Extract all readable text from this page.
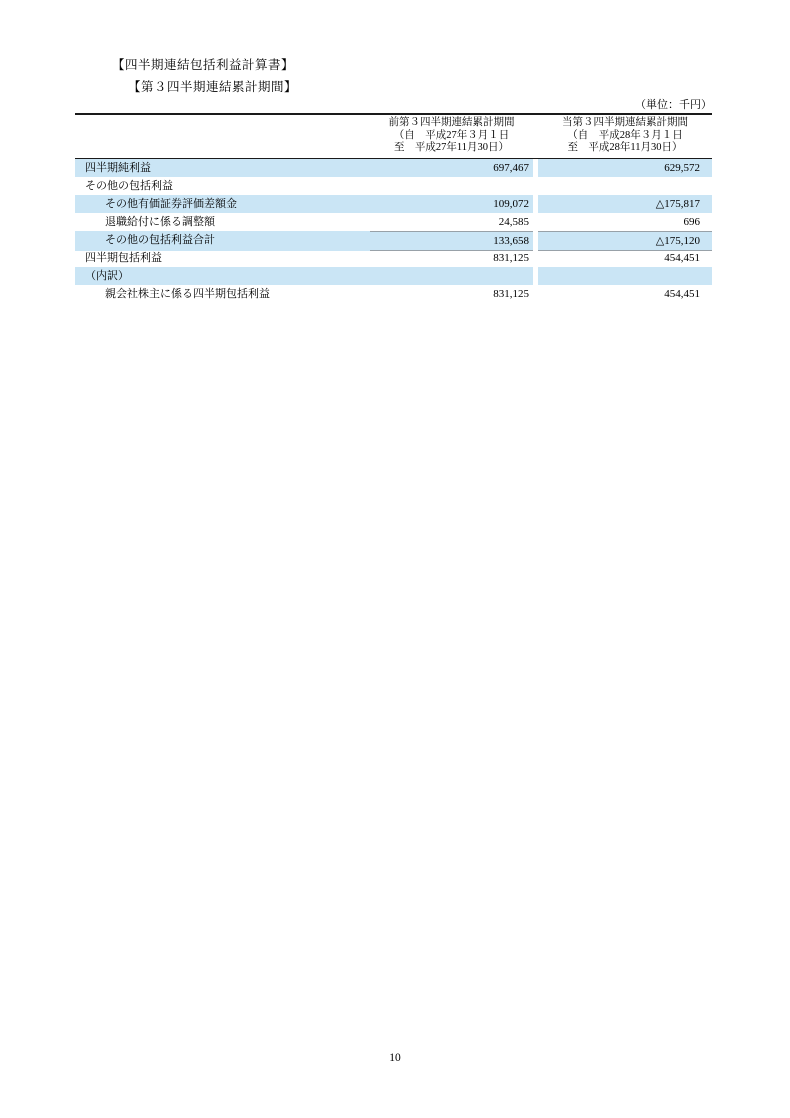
【四半期連結包括利益計算書】
【第３四半期連結累計期間】
（単位：千円）
前第３四半期連結累計期間
（自　平成27年３月１日
至　平成27年11月30日）
当第３四半期連結累計期間
（自　平成28年３月１日
至　平成28年11月30日）
四半期純利益	697,467	629,572
その他の包括利益
その他有価証券評価差額金	109,072	△175,817
退職給付に係る調整額	24,585	696
その他の包括利益合計	133,658	△175,120
四半期包括利益	831,125	454,451
（内訳）
親会社株主に係る四半期包括利益	831,125	454,451
10
